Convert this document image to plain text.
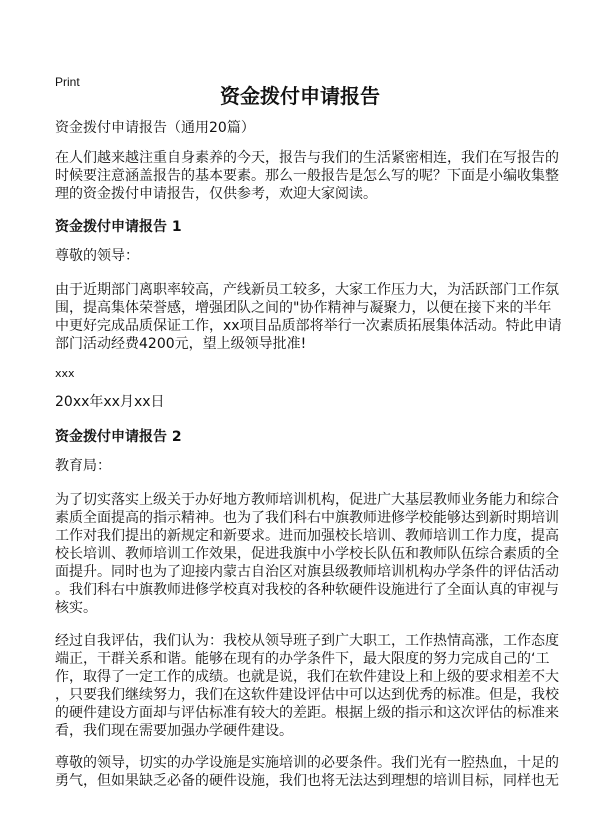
Print
资金拨付申请报告
资金拨付申请报告（通用20篇）
在人们越来越注重自身素养的今天，报告与我们的生活紧密相连，我们在写报告的
时候要注意涵盖报告的基本要素。那么一般报告是怎么写的呢？下面是小编收集整
理的资金拨付申请报告，仅供参考，欢迎大家阅读。
资金拨付申请报告 1
尊敬的领导：
由于近期部门离职率较高，产线新员工较多，大家工作压力大，为活跃部门工作氛
围，提高集体荣誉感，增强团队之间的"协作精神与凝聚力，以便在接下来的半年
中更好完成品质保证工作，xx项目品质部将举行一次素质拓展集体活动。特此申请
部门活动经费4200元，望上级领导批准!
xxx
20xx年xx月xx日
资金拨付申请报告 2
教育局：
为了切实落实上级关于办好地方教师培训机构，促进广大基层教师业务能力和综合
素质全面提高的指示精神。也为了我们科右中旗教师进修学校能够达到新时期培训
工作对我们提出的新规定和新要求。进而加强校长培训、教师培训工作力度，提高
校长培训、教师培训工作效果，促进我旗中小学校长队伍和教师队伍综合素质的全
面提升。同时也为了迎接内蒙古自治区对旗县级教师培训机构办学条件的评估活动
。我们科右中旗教师进修学校真对我校的各种软硬件设施进行了全面认真的审视与
核实。
经过自我评估，我们认为：我校从领导班子到广大职工，工作热情高涨，工作态度
端正，干群关系和谐。能够在现有的办学条件下，最大限度的努力完成自己的‘工
作，取得了一定工作的成绩。也就是说，我们在软件建设上和上级的要求相差不大
，只要我们继续努力，我们在这软件建设评估中可以达到优秀的标准。但是，我校
的硬件建设方面却与评估标准有较大的差距。根据上级的指示和这次评估的标准来
看，我们现在需要加强办学硬件建设。
尊敬的领导，切实的办学设施是实施培训的必要条件。我们光有一腔热血，十足的
勇气，但如果缺乏必备的硬件设施，我们也将无法达到理想的培训目标，同样也无
